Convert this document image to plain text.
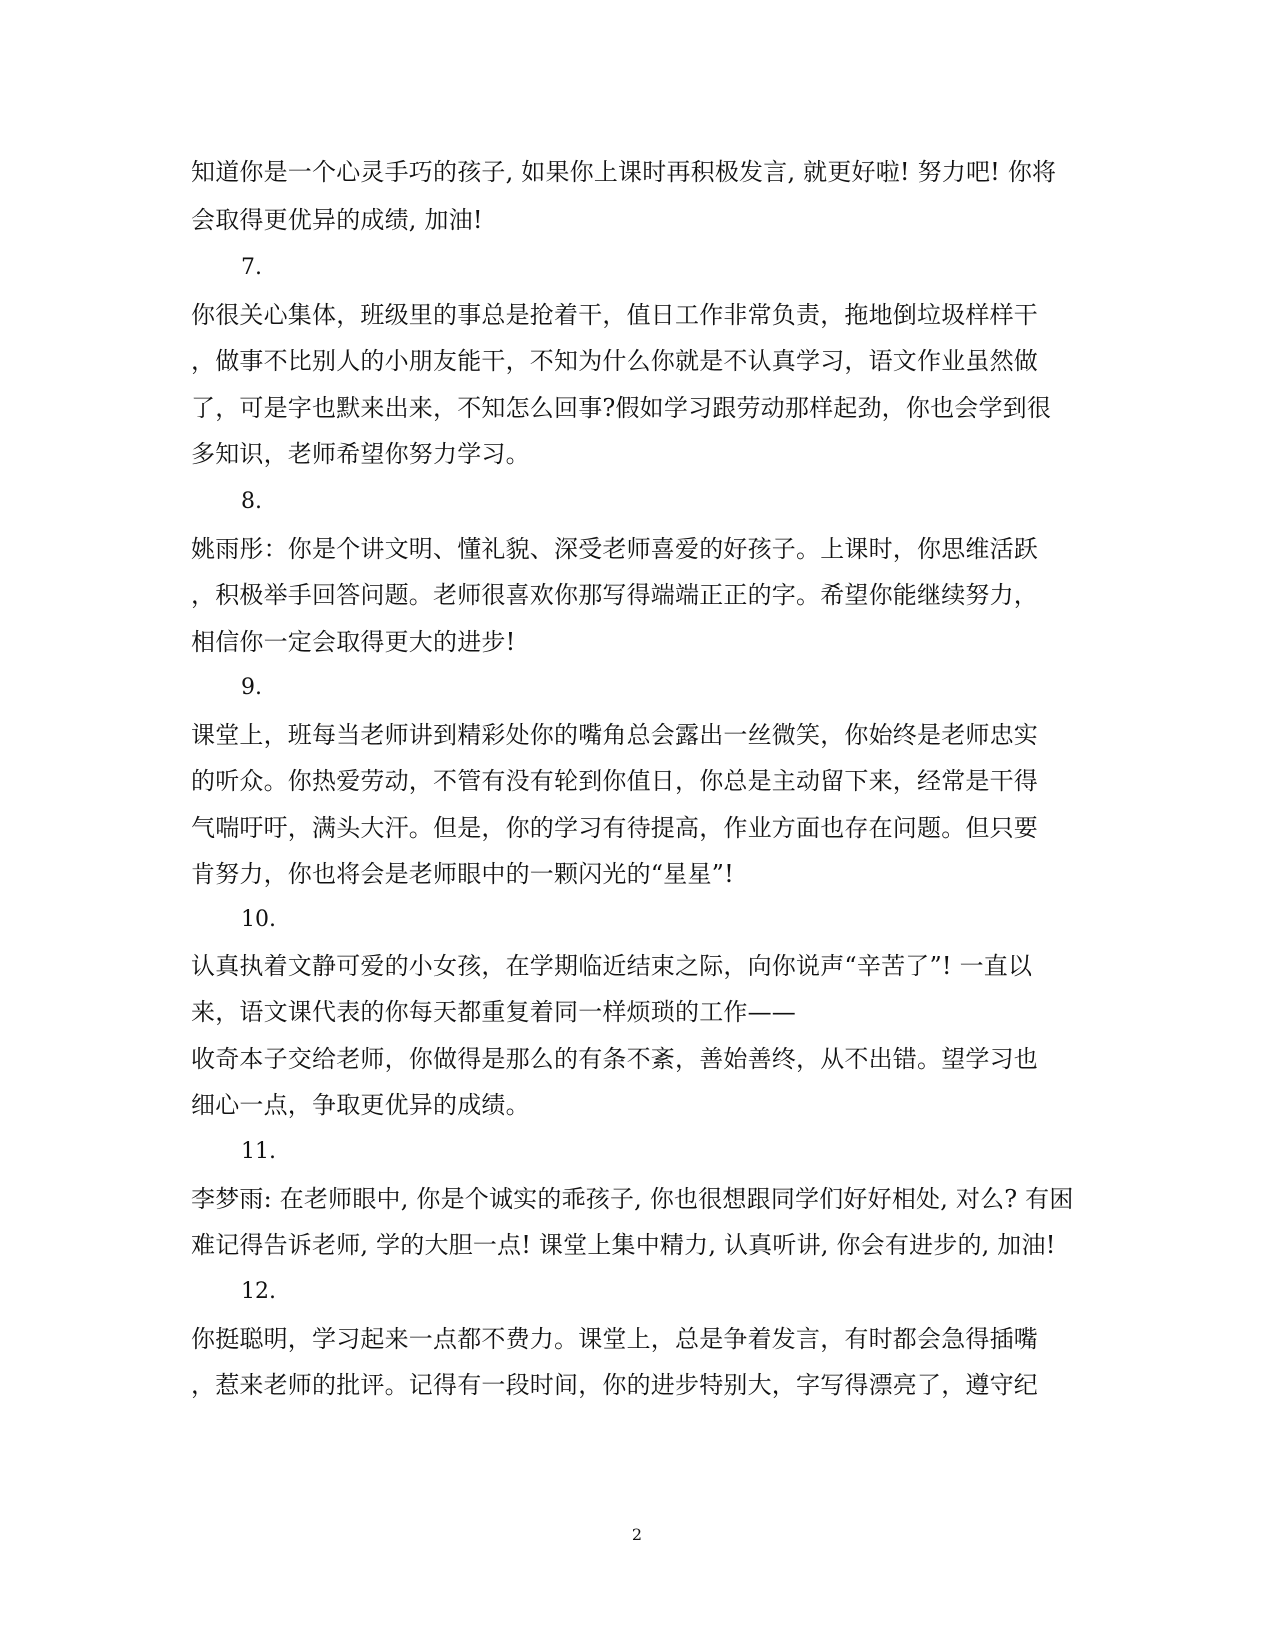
知道你是一个心灵手巧的孩子, 如果你上课时再积极发言, 就更好啦! 努力吧! 你将
会取得更优异的成绩, 加油!
7.
你很关心集体，班级里的事总是抢着干，值日工作非常负责，拖地倒垃圾样样干
，做事不比别人的小朋友能干，不知为什么你就是不认真学习，语文作业虽然做
了，可是字也默来出来，不知怎么回事?假如学习跟劳动那样起劲，你也会学到很
多知识，老师希望你努力学习。
8.
姚雨彤：你是个讲文明、懂礼貌、深受老师喜爱的好孩子。上课时，你思维活跃
，积极举手回答问题。老师很喜欢你那写得端端正正的字。希望你能继续努力，
相信你一定会取得更大的进步!
9.
课堂上，班每当老师讲到精彩处你的嘴角总会露出一丝微笑，你始终是老师忠实
的听众。你热爱劳动，不管有没有轮到你值日，你总是主动留下来，经常是干得
气喘吁吁，满头大汗。但是，你的学习有待提高，作业方面也存在问题。但只要
肯努力，你也将会是老师眼中的一颗闪光的“星星”!
10.
认真执着文静可爱的小女孩，在学期临近结束之际，向你说声“辛苦了”! 一直以
来，语文课代表的你每天都重复着同一样烦琐的工作——
收奇本子交给老师，你做得是那么的有条不紊，善始善终，从不出错。望学习也
细心一点，争取更优异的成绩。
11.
李梦雨: 在老师眼中, 你是个诚实的乖孩子, 你也很想跟同学们好好相处, 对么? 有困
难记得告诉老师, 学的大胆一点! 课堂上集中精力, 认真听讲, 你会有进步的, 加油!
12.
你挺聪明，学习起来一点都不费力。课堂上，总是争着发言，有时都会急得插嘴
，惹来老师的批评。记得有一段时间，你的进步特别大，字写得漂亮了，遵守纪
2
